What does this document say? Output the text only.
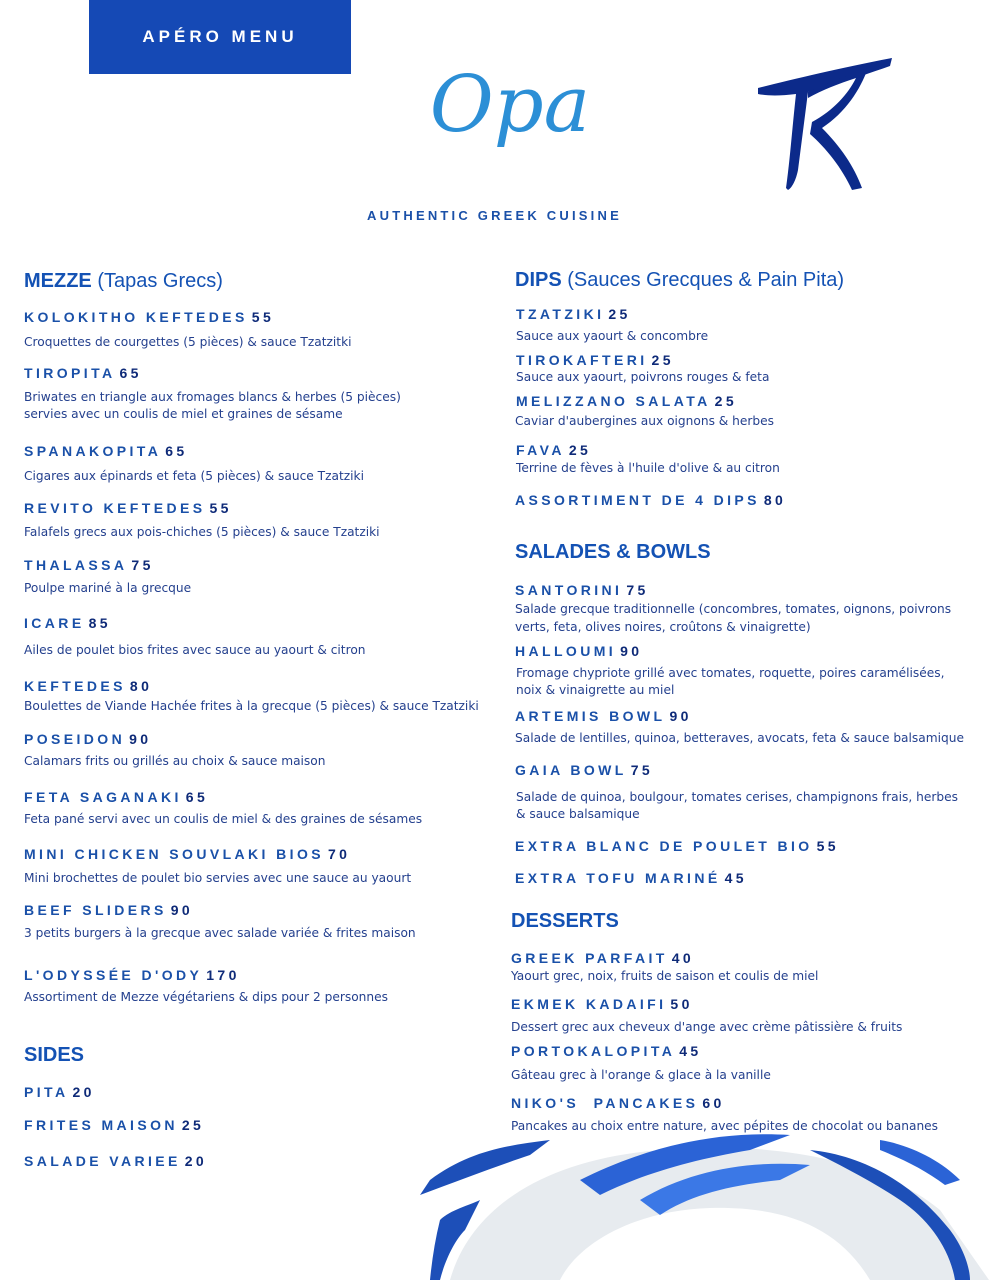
APÉRO MENU
Opa
AUTHENTIC GREEK CUISINE
MEZZE (Tapas Grecs)
KOLOKITHO KEFTEDES 55
Croquettes de courgettes (5 pièces) & sauce Tzatzitki
TIROPITA 65
Briwates en triangle aux fromages blancs & herbes (5 pièces)
servies avec un coulis de miel et graines de sésame
SPANAKOPITA 65
Cigares aux épinards et feta (5 pièces) & sauce Tzatziki
REVITO KEFTEDES 55
Falafels grecs aux pois-chiches (5 pièces) & sauce Tzatziki
THALASSA 75
Poulpe mariné à la grecque
ICARE 85
Ailes de poulet bios frites avec sauce au yaourt & citron
KEFTEDES 80
Boulettes de Viande Hachée frites à la grecque (5 pièces) & sauce Tzatziki
POSEIDON 90
Calamars frits ou grillés au choix & sauce maison
FETA SAGANAKI 65
Feta pané servi avec un coulis de miel & des graines de sésames
MINI CHICKEN SOUVLAKI BIOS 70
Mini brochettes de poulet bio servies avec une sauce au yaourt
BEEF SLIDERS 90
3 petits burgers à la grecque avec salade variée & frites maison
L'ODYSSÉE D'ODY 170
Assortiment de Mezze végétariens & dips pour 2 personnes
SIDES
PITA 20
FRITES MAISON 25
SALADE VARIEE 20
DIPS (Sauces Grecques & Pain Pita)
TZATZIKI 25
Sauce aux yaourt & concombre
TIROKAFTERI 25
Sauce aux yaourt, poivrons rouges & feta
MELIZZANO SALATA 25
Caviar d'aubergines aux oignons & herbes
FAVA 25
Terrine de fèves à l'huile d'olive & au citron
ASSORTIMENT DE 4 DIPS 80
SALADES & BOWLS
SANTORINI 75
Salade grecque traditionnelle (concombres, tomates, oignons, poivrons
verts, feta, olives noires, croûtons & vinaigrette)
HALLOUMI 90
Fromage chypriote grillé avec tomates, roquette, poires caramélisées,
noix & vinaigrette au miel
ARTEMIS BOWL 90
Salade de lentilles, quinoa, betteraves, avocats, feta & sauce balsamique
GAIA BOWL 75
Salade de quinoa, boulgour, tomates cerises, champignons frais, herbes
& sauce balsamique
EXTRA BLANC DE POULET BIO 55
EXTRA TOFU MARINÉ 45
DESSERTS
GREEK PARFAIT 40
Yaourt grec, noix, fruits de saison et coulis de miel
EKMEK KADAIFI 50
Dessert grec aux cheveux d'ange avec crème pâtissière & fruits
PORTOKALOPITA 45
Gâteau grec à l'orange & glace à la vanille
NIKO'S  PANCAKES 60
Pancakes au choix entre nature, avec pépites de chocolat ou bananes
